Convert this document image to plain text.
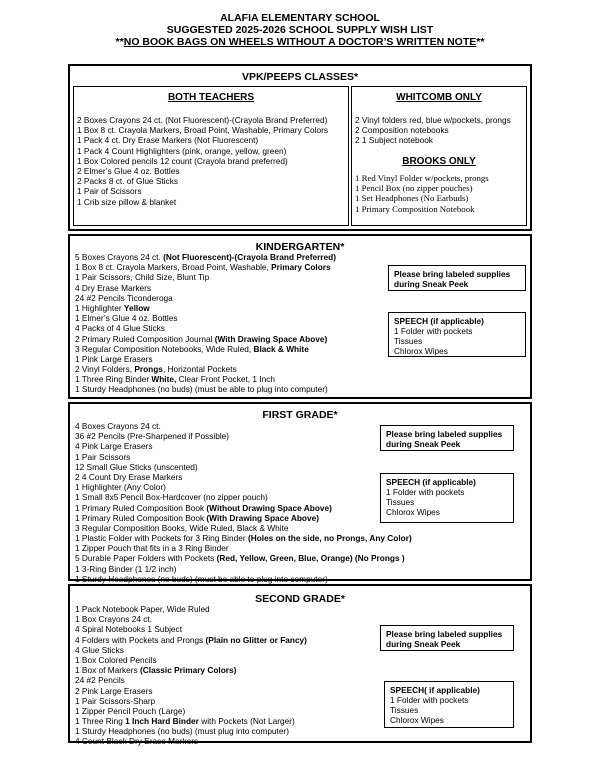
ALAFIA ELEMENTARY SCHOOL
SUGGESTED 2025-2026 SCHOOL SUPPLY WISH LIST
**NO BOOK BAGS ON WHEELS WITHOUT A DOCTOR’S WRITTEN NOTE**
VPK/PEEPS CLASSES*
BOTH TEACHERS
2 Boxes Crayons 24 ct. (Not Fluorescent)-(Crayola Brand Preferred)
1 Box 8 ct. Crayola Markers, Broad Point, Washable, Primary Colors
1 Pack 4 ct. Dry Erase Markers (Not Fluorescent)
1 Pack 4 Count Highlighters (pink, orange, yellow, green)
1 Box Colored pencils 12 count (Crayola brand preferred)
2 Elmer’s Glue 4 oz. Bottles
2 Packs 8 ct. of Glue Sticks
1 Pair of Scissors
1 Crib size pillow & blanket
WHITCOMB ONLY
2 Vinyl folders red, blue w/pockets, prongs
2 Composition notebooks
2 1 Subject notebook
BROOKS ONLY
1 Red Vinyl Folder w/pockets, prongs
1 Pencil Box (no zipper pouches)
1 Set Headphones (No Earbuds)
1 Primary Composition Notebook
KINDERGARTEN*
5 Boxes Crayons 24 ct. (Not Fluorescent)-(Crayola Brand Preferred)
1 Box 8 ct. Crayola Markers, Broad Point, Washable, Primary Colors
1 Pair Scissors, Child Size, Blunt Tip
4 Dry Erase Markers
24 #2 Pencils Ticonderoga
1 Highlighter Yellow
1 Elmer’s Glue 4 oz. Bottles
4 Packs of 4 Glue Sticks
2 Primary Ruled Composition Journal (With Drawing Space Above)
3 Regular Composition Notebooks, Wide Ruled, Black & White
1 Pink Large Erasers
2 Vinyl Folders, Prongs, Horizontal Pockets
1 Three Ring Binder White, Clear Front Pocket, 1 Inch
1 Sturdy Headphones (no buds) (must be able to plug into computer)
Please bring labeled supplies during Sneak Peek
SPEECH (if applicable)
1 Folder with pockets
Tissues
Chlorox Wipes
FIRST GRADE*
4 Boxes Crayons 24 ct.
36 #2 Pencils (Pre-Sharpened if Possible)
4 Pink Large Erasers
1 Pair Scissors
12 Small Glue Sticks (unscented)
2 4 Count Dry Erase Markers
1 Highlighter (Any Color)
1 Small 8x5 Pencil Box-Hardcover (no zipper pouch)
1 Primary Ruled Composition Book (Without Drawing Space Above)
1 Primary Ruled Composition Book (With Drawing Space Above)
3 Regular Composition Books, Wide Ruled, Black & White
1 Plastic Folder with Pockets for 3 Ring Binder (Holes on the side, no Prongs, Any Color)
1 Zipper Pouch that fits in a 3 Ring Binder
5 Durable Paper Folders with Pockets (Red, Yellow, Green, Blue, Orange) (No Prongs )
1 3-Ring Binder (1 1/2 inch)
1 Sturdy Headphones (no buds) (must be able to plug into computer)
Please bring labeled supplies during Sneak Peek
SPEECH (if applicable)
1 Folder with pockets
Tissues
Chlorox Wipes
SECOND GRADE*
1 Pack Notebook Paper, Wide Ruled
1 Box Crayons 24 ct.
4 Spiral Notebooks 1 Subject
4 Folders with Pockets and Prongs (Plain no Glitter or Fancy)
4 Glue Sticks
1 Box Colored Pencils
1 Box of Markers (Classic Primary Colors)
24 #2 Pencils
2 Pink Large Erasers
1 Pair Scissors-Sharp
1 Zipper Pencil Pouch (Large)
1 Three Ring 1 Inch Hard Binder with Pockets (Not Larger)
1 Sturdy Headphones (no buds) (must plug into computer)
4 Count Black Dry Erase Markers
Please bring labeled supplies during Sneak Peek
SPEECH( if applicable)
1 Folder with pockets
Tissues
Chlorox Wipes
